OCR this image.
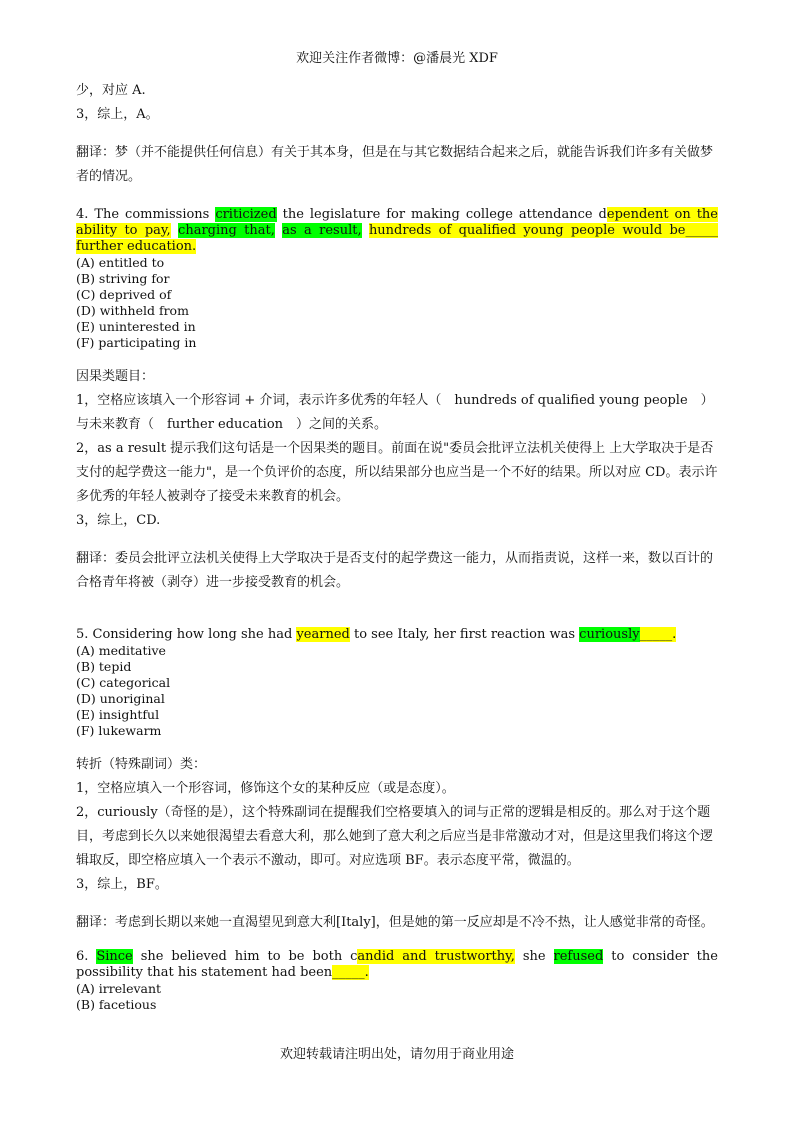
欢迎关注作者微博：@潘晨光 XDF

少，对应 A.

3，综上，A。

翻译：梦（并不能提供任何信息）有关于其本身，但是在与其它数据结合起来之后，就能告诉我们许多有关做梦者的情况。

4. The commissions criticized the legislature for making college attendance dependent on the ability to pay, charging that, as a result, hundreds of qualified young people would be_____ further education.
(A) entitled to
(B) striving for
(C) deprived of
(D) withheld from
(E) uninterested in
(F) participating in

因果类题目：

1，空格应该填入一个形容词 + 介词，表示许多优秀的年轻人（　hundreds of qualified young people　）与未来教育（　further education　）之间的关系。

2，as a result 提示我们这句话是一个因果类的题目。前面在说"委员会批评立法机关使得上 上大学取决于是否支付的起学费这一能力"，是一个负评价的态度，所以结果部分也应当是一个不好的结果。所以对应 CD。表示许多优秀的年轻人被剥夺了接受未来教育的机会。

3，综上，CD.

翻译：委员会批评立法机关使得上大学取决于是否支付的起学费这一能力，从而指责说，这样一来，数以百计的合格青年将被（剥夺）进一步接受教育的机会。

5. Considering how long she had yearned to see Italy, her first reaction was curiously_____.
(A) meditative
(B) tepid
(C) categorical
(D) unoriginal
(E) insightful
(F) lukewarm

转折（特殊副词）类：

1，空格应填入一个形容词，修饰这个女的某种反应（或是态度）。

2，curiously（奇怪的是），这个特殊副词在提醒我们空格要填入的词与正常的逻辑是相反的。那么对于这个题目，考虑到长久以来她很渴望去看意大利，那么她到了意大利之后应当是非常激动才对，但是这里我们将这个逻辑取反，即空格应填入一个表示不激动，即可。对应选项 BF。表示态度平常，微温的。

3，综上，BF。

翻译：考虑到长期以来她一直渴望见到意大利[Italy]，但是她的第一反应却是不冷不热，让人感觉非常的奇怪。

6. Since she believed him to be both candid and trustworthy, she refused to consider the possibility that his statement had been_____.
(A) irrelevant
(B) facetious
欢迎转载请注明出处，请勿用于商业用途
